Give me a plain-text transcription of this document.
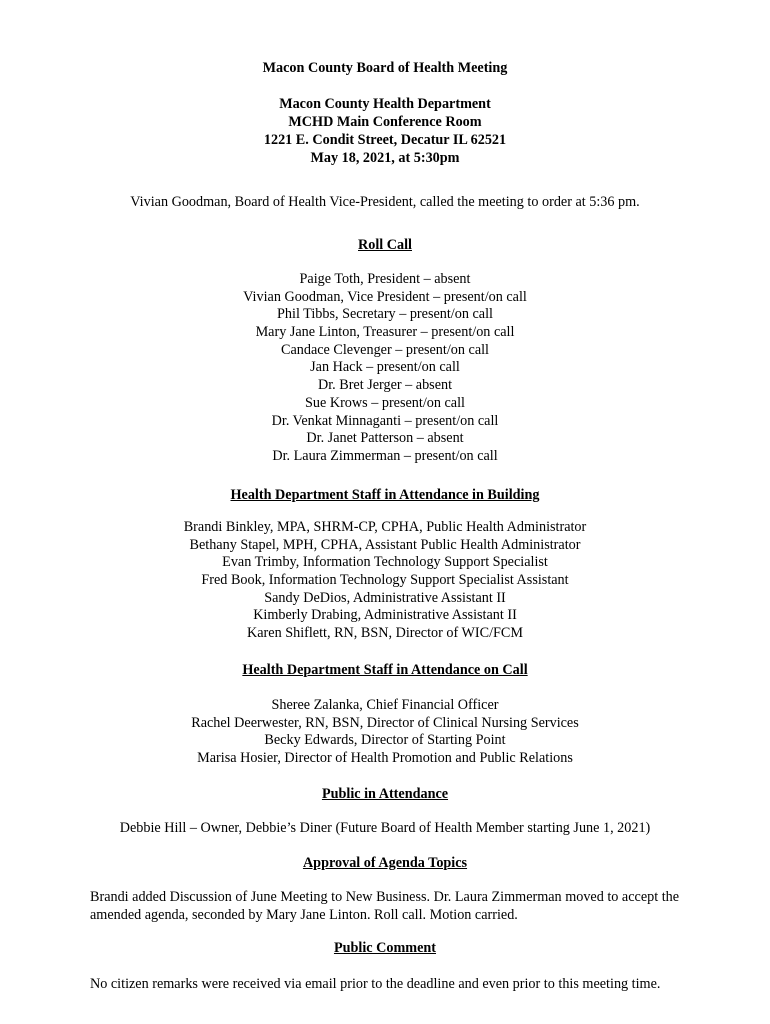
Macon County Board of Health Meeting
Macon County Health Department
MCHD Main Conference Room
1221 E. Condit Street, Decatur IL 62521
May 18, 2021, at 5:30pm
Vivian Goodman, Board of Health Vice-President, called the meeting to order at 5:36 pm.
Roll Call
Paige Toth, President – absent
Vivian Goodman, Vice President – present/on call
Phil Tibbs, Secretary – present/on call
Mary Jane Linton, Treasurer – present/on call
Candace Clevenger – present/on call
Jan Hack – present/on call
Dr. Bret Jerger – absent
Sue Krows – present/on call
Dr. Venkat Minnaganti – present/on call
Dr. Janet Patterson – absent
Dr. Laura Zimmerman – present/on call
Health Department Staff in Attendance in Building
Brandi Binkley, MPA, SHRM-CP, CPHA, Public Health Administrator
Bethany Stapel, MPH, CPHA, Assistant Public Health Administrator
Evan Trimby, Information Technology Support Specialist
Fred Book, Information Technology Support Specialist Assistant
Sandy DeDios, Administrative Assistant II
Kimberly Drabing, Administrative Assistant II
Karen Shiflett, RN, BSN, Director of WIC/FCM
Health Department Staff in Attendance on Call
Sheree Zalanka, Chief Financial Officer
Rachel Deerwester, RN, BSN, Director of Clinical Nursing Services
Becky Edwards, Director of Starting Point
Marisa Hosier, Director of Health Promotion and Public Relations
Public in Attendance
Debbie Hill – Owner, Debbie’s Diner (Future Board of Health Member starting June 1, 2021)
Approval of Agenda Topics
Brandi added Discussion of June Meeting to New Business. Dr. Laura Zimmerman moved to accept the amended agenda, seconded by Mary Jane Linton. Roll call. Motion carried.
Public Comment
No citizen remarks were received via email prior to the deadline and even prior to this meeting time.
